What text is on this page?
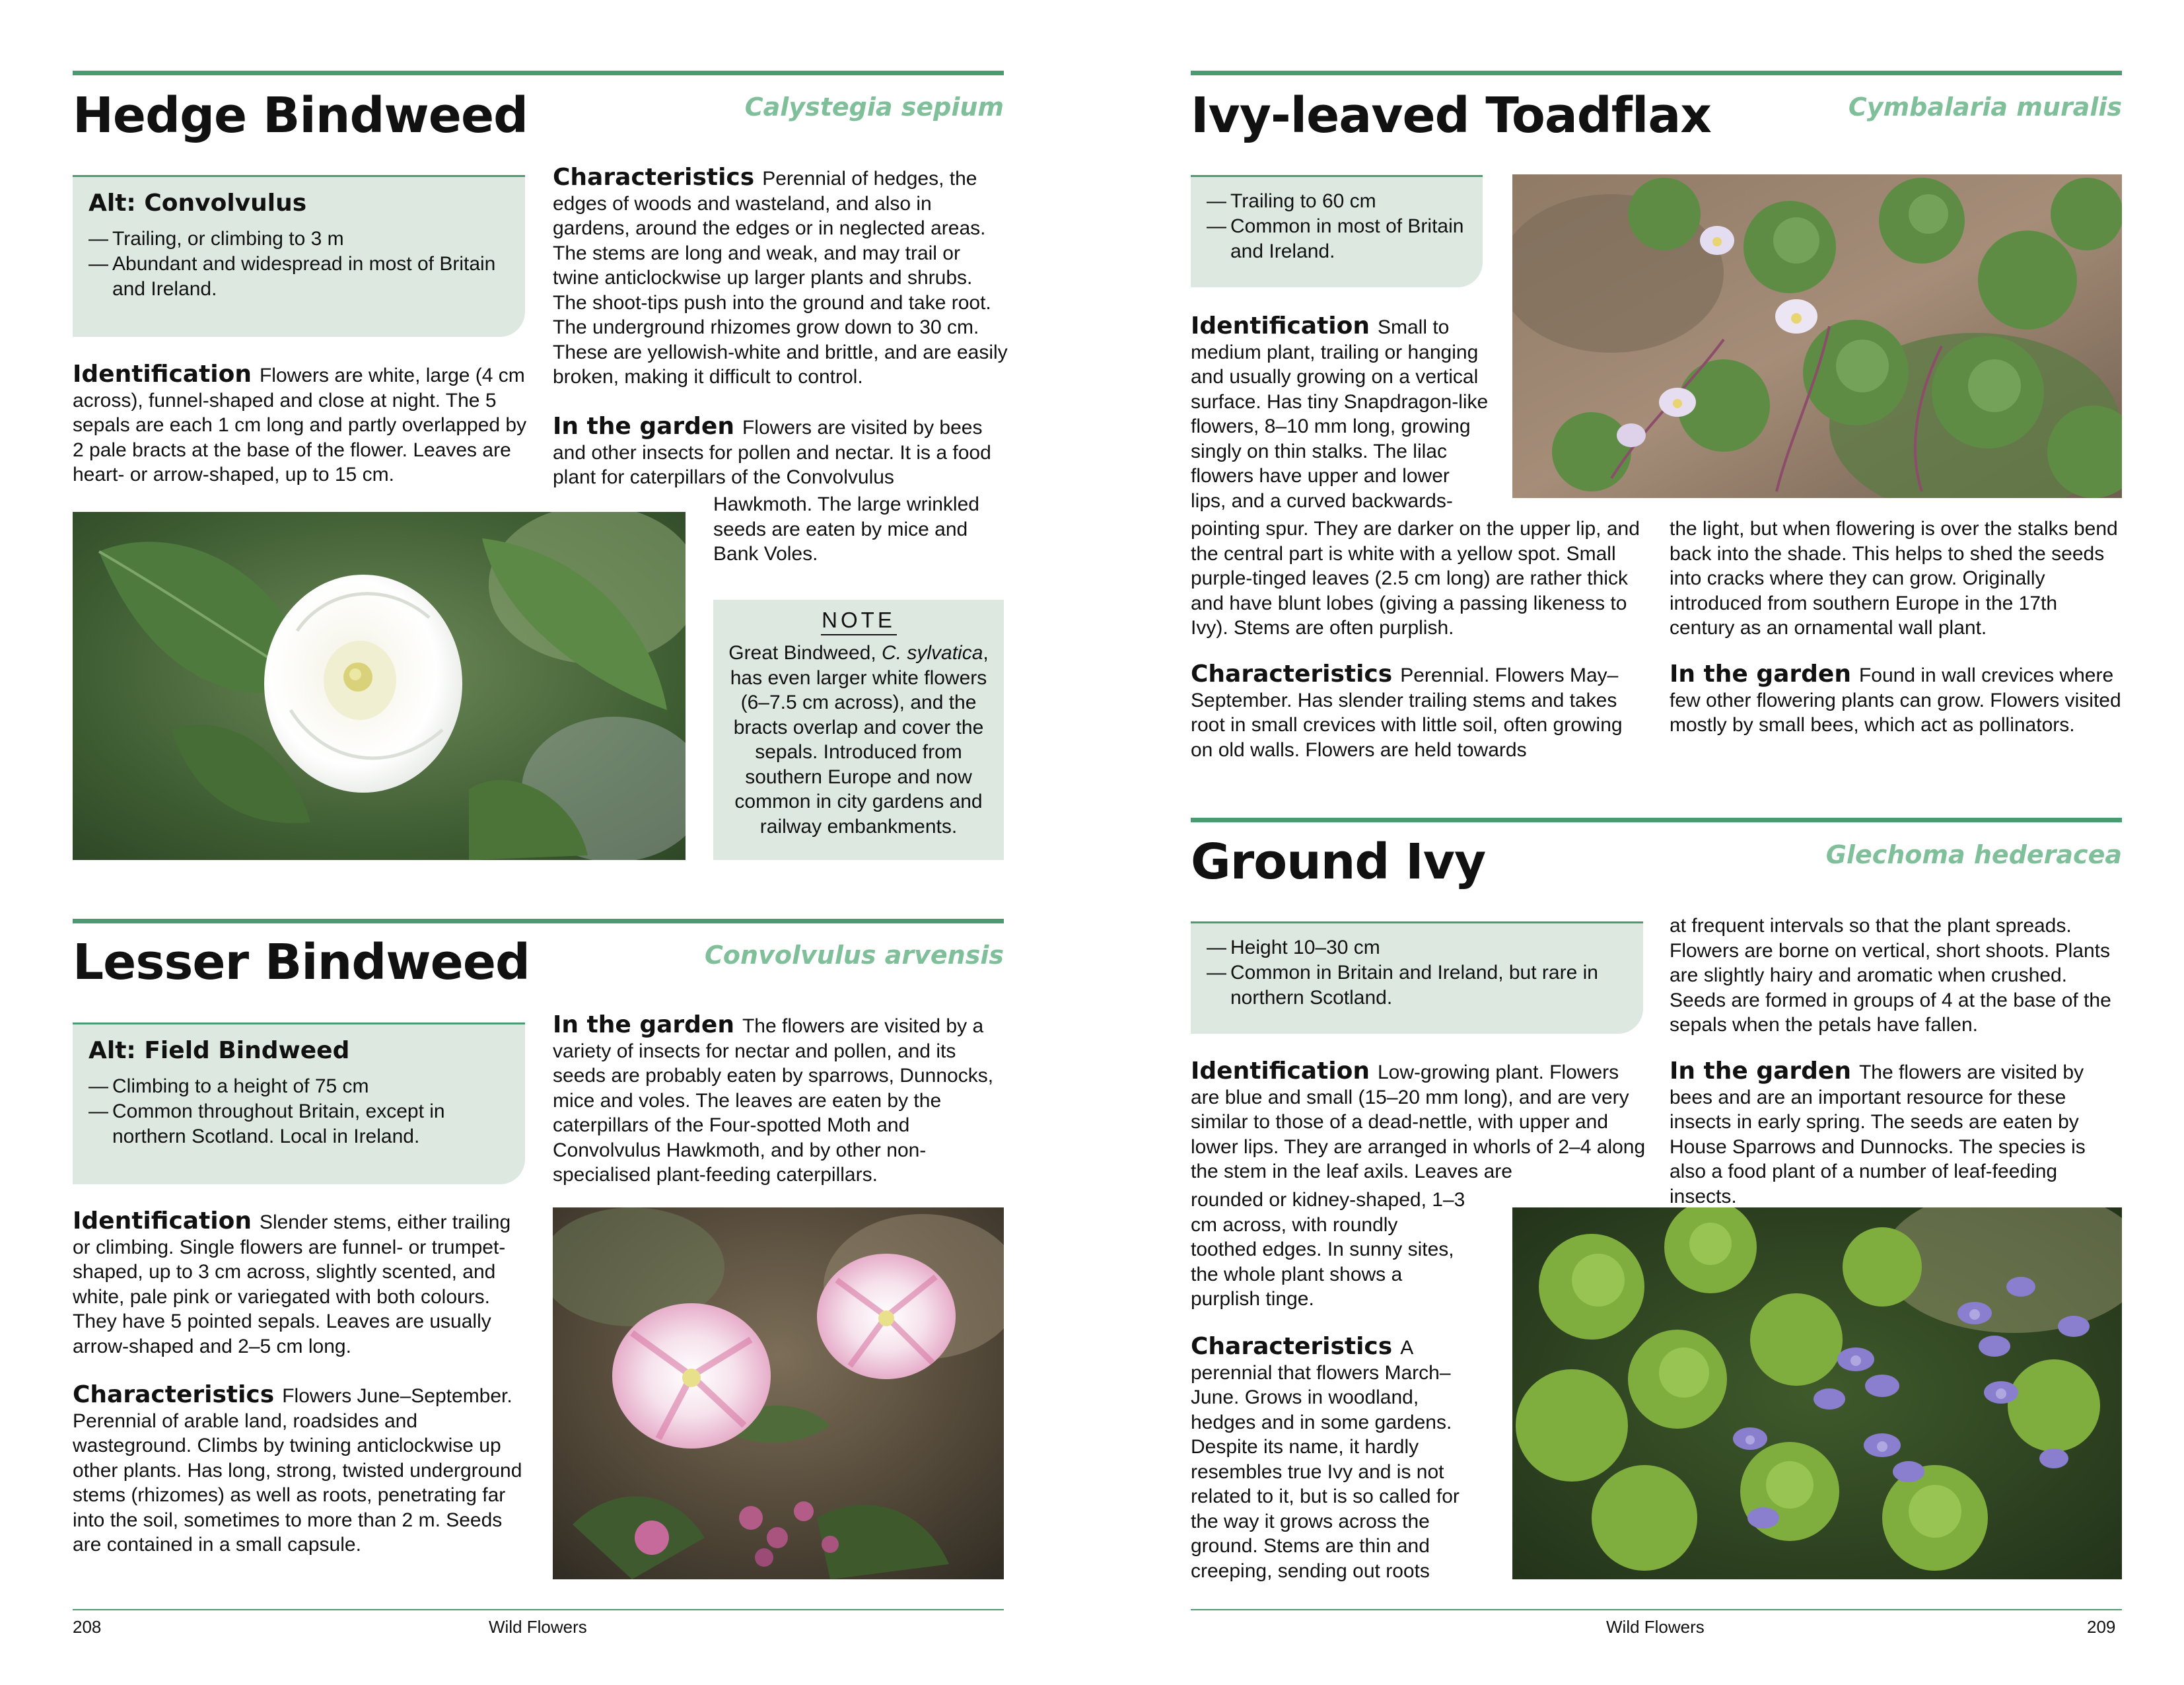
Hedge Bindweed	Calystegia sepium
Alt: Convolvulus
— Trailing, or climbing to 3 m
— Abundant and widespread in most of Britain and Ireland.

Identification Flowers are white, large (4 cm across), funnel-shaped and close at night. The 5 sepals are each 1 cm long and partly overlapped by 2 pale bracts at the base of the flower. Leaves are heart- or arrow-shaped, up to 15 cm.

Characteristics Perennial of hedges, the edges of woods and wasteland, and also in gardens, around the edges or in neglected areas. The stems are long and weak, and may trail or twine anticlockwise up larger plants and shrubs. The shoot-tips push into the ground and take root. The underground rhizomes grow down to 30 cm. These are yellowish-white and brittle, and are easily broken, making it difficult to control.

In the garden Flowers are visited by bees and other insects for pollen and nectar. It is a food plant for caterpillars of the Convolvulus

Hawkmoth. The large wrinkled seeds are eaten by mice and Bank Voles.

NOTE

Great Bindweed, C. sylvatica, has even larger white flowers (6–7.5 cm across), and the bracts overlap and cover the sepals. Introduced from southern Europe and now common in city gardens and railway embankments.

Lesser Bindweed	Convolvulus arvensis
Alt: Field Bindweed
— Climbing to a height of 75 cm
— Common throughout Britain, except in northern Scotland. Local in Ireland.

Identification Slender stems, either trailing or climbing. Single flowers are funnel- or trumpet-shaped, up to 3 cm across, slightly scented, and white, pale pink or variegated with both colours. They have 5 pointed sepals. Leaves are usually arrow-shaped and 2–5 cm long.

Characteristics Flowers June–September. Perennial of arable land, roadsides and wasteground. Climbs by twining anticlockwise up other plants. Has long, strong, twisted underground stems (rhizomes) as well as roots, penetrating far into the soil, sometimes to more than 2 m. Seeds are contained in a small capsule.

In the garden The flowers are visited by a variety of insects for nectar and pollen, and its seeds are probably eaten by sparrows, Dunnocks, mice and voles. The leaves are eaten by the caterpillars of the Four-spotted Moth and Convolvulus Hawkmoth, and by other non-specialised plant-feeding caterpillars.

208	Wild Flowers
Ivy-leaved Toadflax	Cymbalaria muralis
— Trailing to 60 cm
— Common in most of Britain and Ireland.

Identification Small to medium plant, trailing or hanging and usually growing on a vertical surface. Has tiny Snapdragon-like flowers, 8–10 mm long, growing singly on thin stalks. The lilac flowers have upper and lower lips, and a curved backwards-

pointing spur. They are darker on the upper lip, and the central part is white with a yellow spot. Small purple-tinged leaves (2.5 cm long) are rather thick and have blunt lobes (giving a passing likeness to Ivy). Stems are often purplish.

Characteristics Perennial. Flowers May–September. Has slender trailing stems and takes root in small crevices with little soil, often growing on old walls. Flowers are held towards

the light, but when flowering is over the stalks bend back into the shade. This helps to shed the seeds into cracks where they can grow. Originally introduced from southern Europe in the 17th century as an ornamental wall plant.

In the garden Found in wall crevices where few other flowering plants can grow. Flowers visited mostly by small bees, which act as pollinators.

Ground Ivy	Glechoma hederacea
— Height 10–30 cm
— Common in Britain and Ireland, but rare in northern Scotland.

Identification Low-growing plant. Flowers are blue and small (15–20 mm long), and are very similar to those of a dead-nettle, with upper and lower lips. They are arranged in whorls of 2–4 along the stem in the leaf axils. Leaves are

rounded or kidney-shaped, 1–3 cm across, with roundly toothed edges. In sunny sites, the whole plant shows a purplish tinge.

Characteristics A perennial that flowers March–June. Grows in woodland, hedges and in some gardens. Despite its name, it hardly resembles true Ivy and is not related to it, but is so called for the way it grows across the ground. Stems are thin and creeping, sending out roots

at frequent intervals so that the plant spreads. Flowers are borne on vertical, short shoots. Plants are slightly hairy and aromatic when crushed. Seeds are formed in groups of 4 at the base of the sepals when the petals have fallen.

In the garden The flowers are visited by bees and are an important resource for these insects in early spring. The seeds are eaten by House Sparrows and Dunnocks. The species is also a food plant of a number of leaf-feeding insects.

Wild Flowers	209
